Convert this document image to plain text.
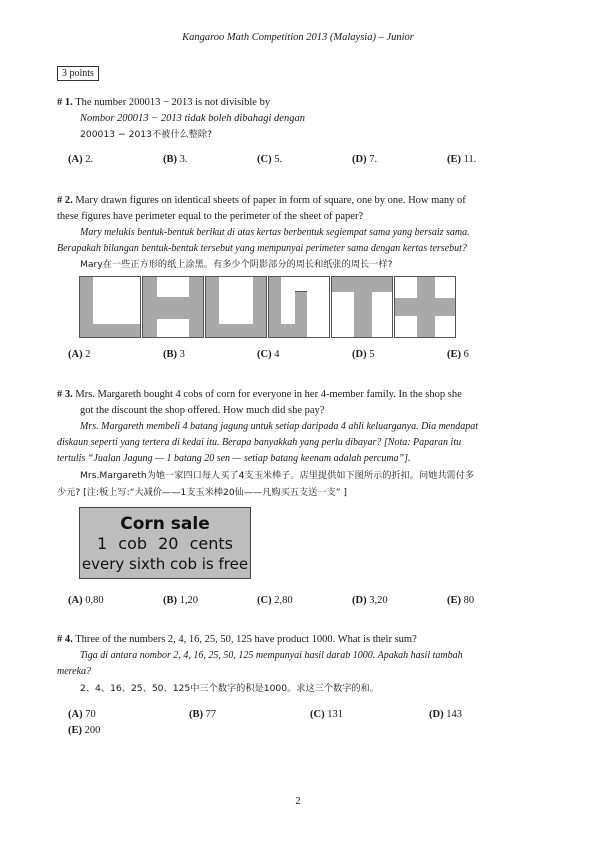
Kangaroo Math Competition 2013 (Malaysia) – Junior
3 points
# 1. The number 200013 − 2013 is not divisible by
Nombor 200013 − 2013 tidak boleh dibahagi dengan
200013 − 2013不被什么整除?
(A) 2.	(B) 3.	(C) 5.	(D) 7.	(E) 11.
# 2. Mary drawn figures on identical sheets of paper in form of square, one by one. How many of
these figures have perimeter equal to the perimeter of the sheet of paper?
Mary melukis bentuk-bentuk berikut di atas kertas berbentuk segiempat sama yang bersaiz sama.
Berapakah bilangan bentuk-bentuk tersebut yang mempunyai perimeter sama dengan kertas tersebut?
Mary在一些正方形的纸上涂黑。有多少个阴影部分的周长和纸张的周长一样?
(A) 2	(B) 3	(C) 4	(D) 5	(E) 6
# 3. Mrs. Margareth bought 4 cobs of corn for everyone in her 4-member family. In the shop she
got the discount the shop offered. How much did she pay?
Mrs. Margareth membeli 4 batang jagung untuk setiap daripada 4 ahli keluarganya. Dia mendapat
diskaun seperti yang tertera di kedai itu. Berapa banyakkah yang perlu dibayar? [Nota: Paparan itu
tertulis “Jualan Jagung — 1 batang 20 sen — setiap batang keenam adalah percuma”].
Mrs.Margareth为她一家四口每人买了4支玉米棒子。店里提供如下图所示的折扣。问她共需付多
少元? [注:板上写:“大减价——1支玉米棒20仙——凡购买五支送一支” ]
Corn sale
1 cob 20 cents
every sixth cob is free
(A) 0,80	(B) 1,20	(C) 2,80	(D) 3,20	(E) 80
# 4. Three of the numbers 2, 4, 16, 25, 50, 125 have product 1000. What is their sum?
Tiga di antara nombor 2, 4, 16, 25, 50, 125 mempunyai hasil darab 1000. Apakah hasil tambah
mereka?
2、4、16、25、50、125中三个数字的积是1000。求这三个数字的和。
(A) 70	(B) 77	(C) 131	(D) 143
(E) 200
2
